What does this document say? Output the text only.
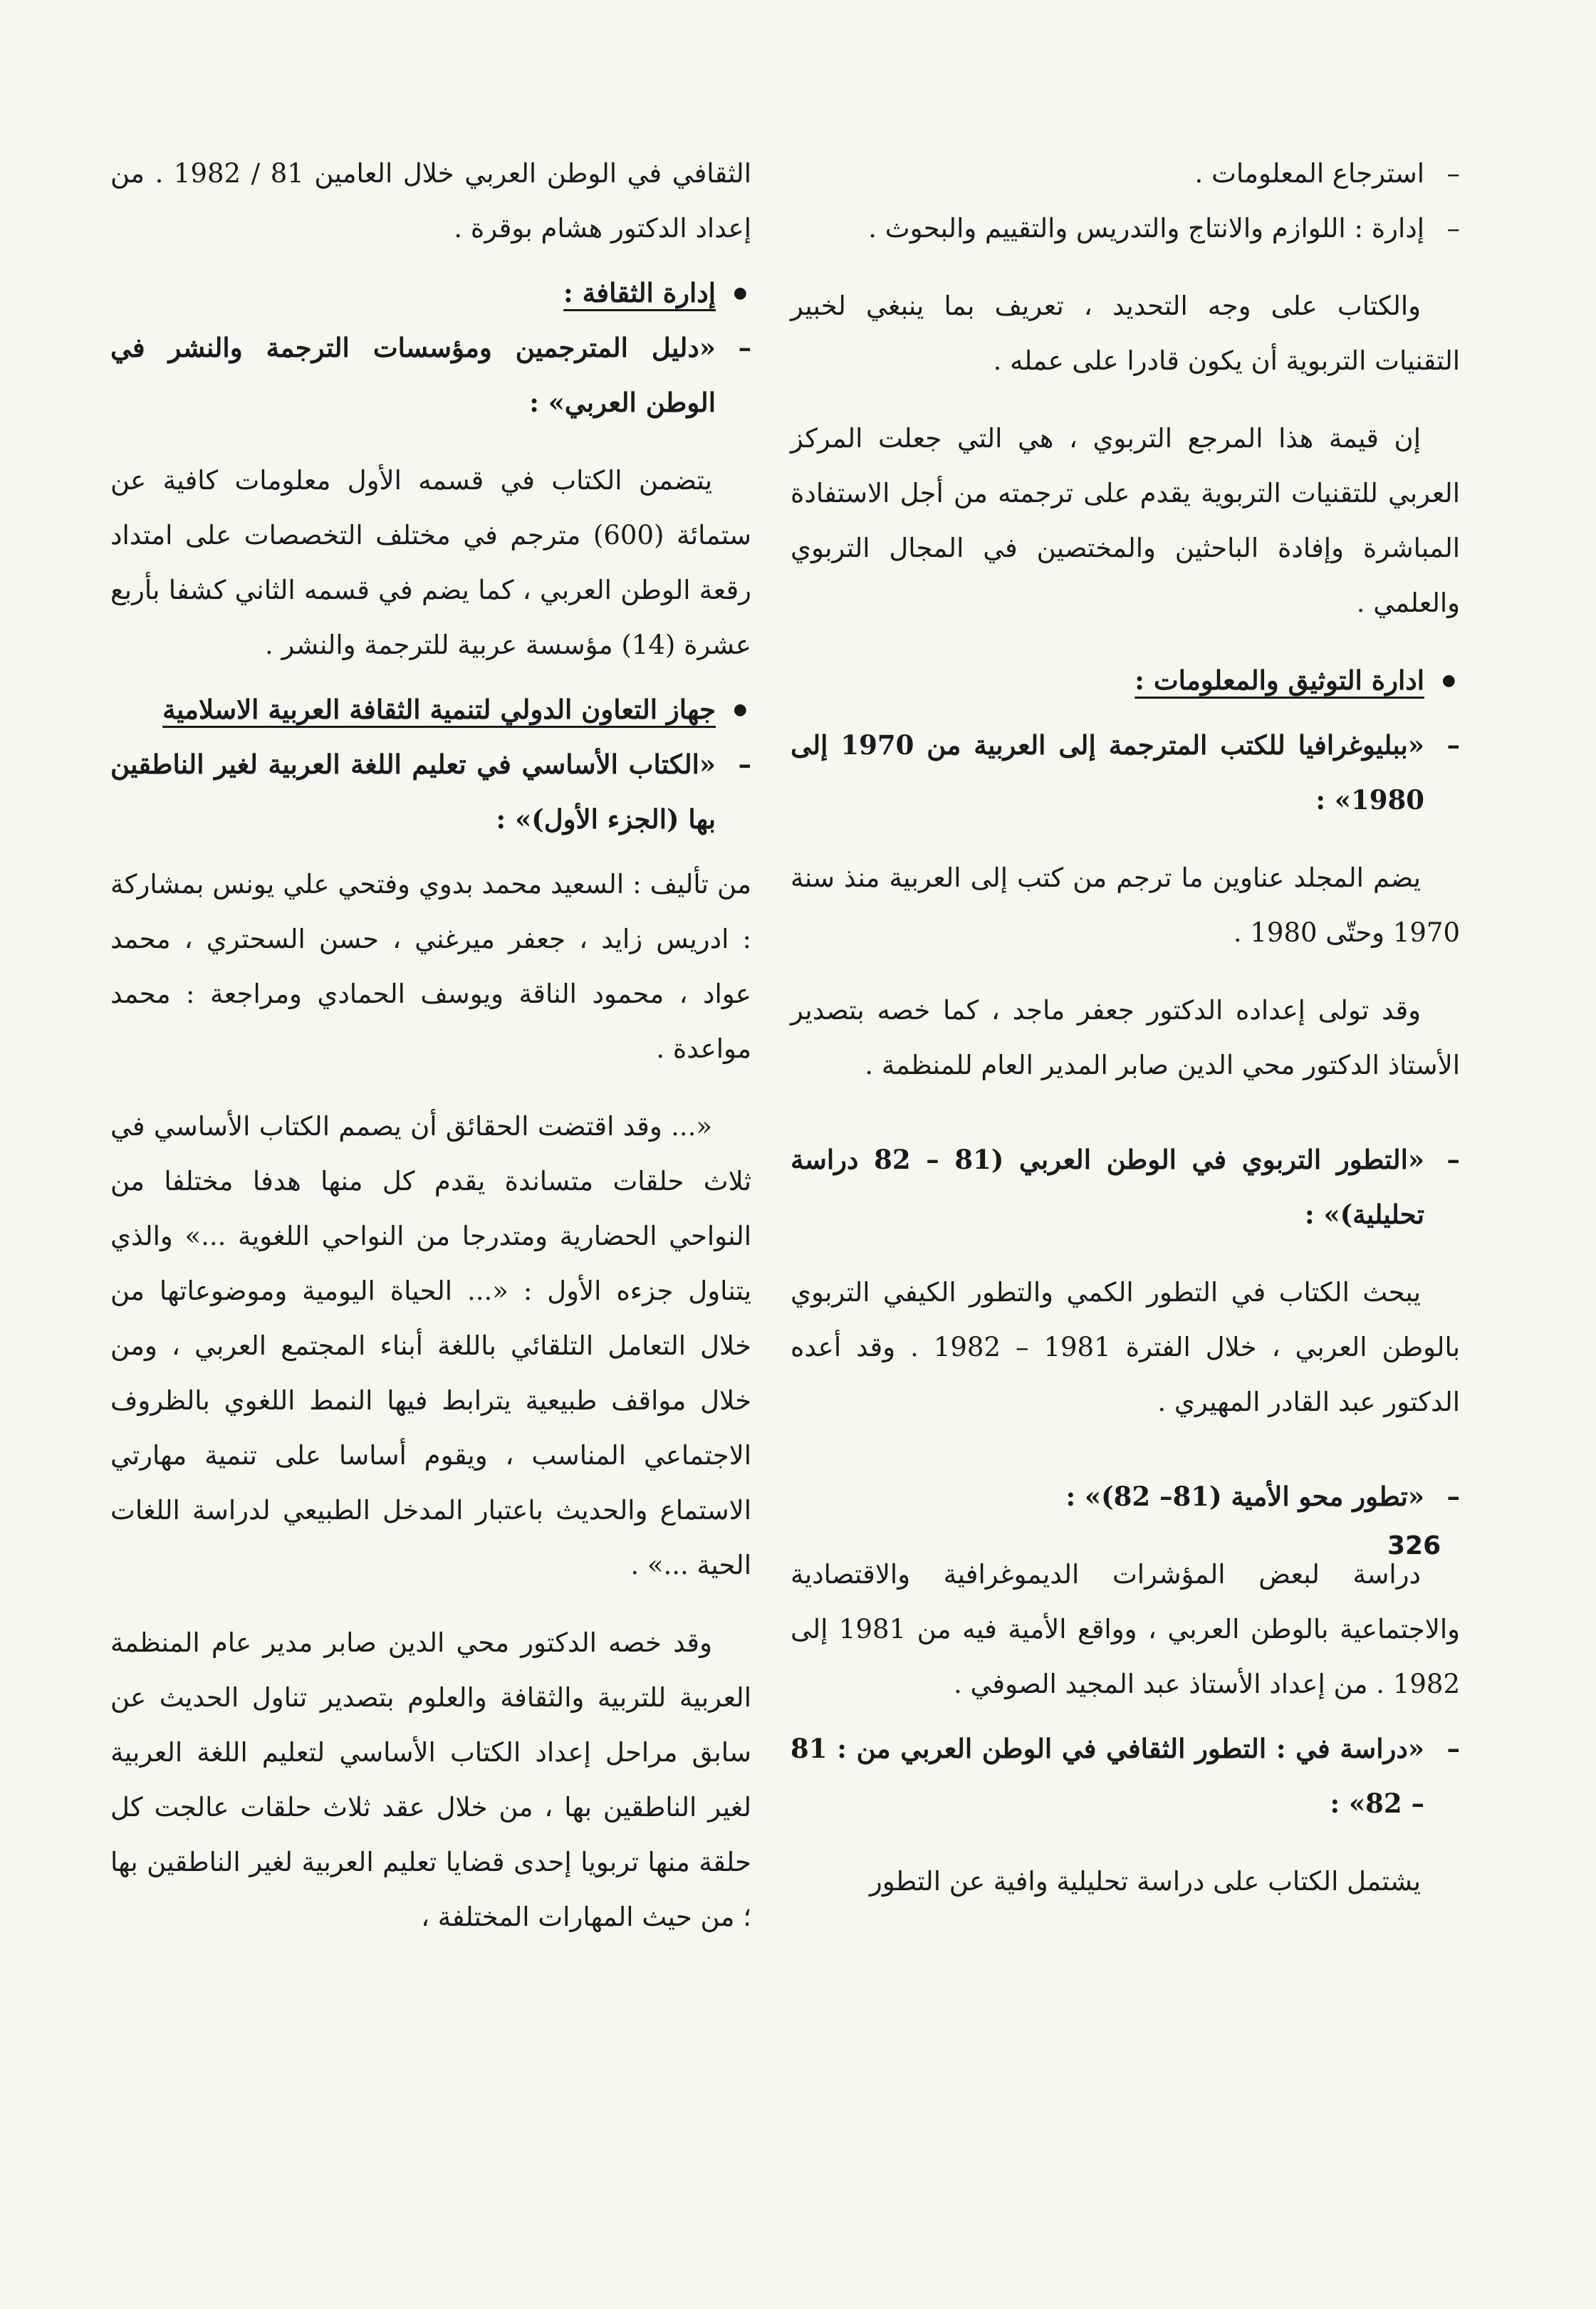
–
استرجاع المعلومات .

–
إدارة : اللوازم والانتاج والتدريس والتقييم والبحوث .

والكتاب على وجه التحديد ، تعريف بما ينبغي لخبير التقنيات التربوية أن يكون قادرا على عمله .

إن قيمة هذا المرجع التربوي ، هي التي جعلت المركز العربي للتقنيات التربوية يقدم على ترجمته من أجل الاستفادة المباشرة وإفادة الباحثين والمختصين في المجال التربوي والعلمي .

●
ادارة التوثيق والمعلومات :

–
«ببليوغرافيا للكتب المترجمة إلى العربية من 1970 إلى 1980» :

يضم المجلد عناوين ما ترجم من كتب إلى العربية منذ سنة 1970 وحتّى 1980 .

وقد تولى إعداده الدكتور جعفر ماجد ، كما خصه بتصدير الأستاذ الدكتور محي الدين صابر المدير العام للمنظمة .

–
«التطور التربوي في الوطن العربي (81 – 82 دراسة تحليلية)» :

يبحث الكتاب في التطور الكمي والتطور الكيفي التربوي بالوطن العربي ، خلال الفترة 1981 – 1982 . وقد أعده الدكتور عبد القادر المهيري .

–
«تطور محو الأمية (81– 82)» :

دراسة لبعض المؤشرات الديموغرافية والاقتصادية والاجتماعية بالوطن العربي ، وواقع الأمية فيه من 1981 إلى 1982 . من إعداد الأستاذ عبد المجيد الصوفي .

–
«دراسة في : التطور الثقافي في الوطن العربي من : 81 – 82» :

يشتمل الكتاب على دراسة تحليلية وافية عن التطور

الثقافي في الوطن العربي خلال العامين 81 / 1982 . من إعداد الدكتور هشام بوقرة .

●
إدارة الثقافة :

–
«دليل المترجمين ومؤسسات الترجمة والنشر في الوطن العربي» :

يتضمن الكتاب في قسمه الأول معلومات كافية عن ستمائة (600) مترجم في مختلف التخصصات على امتداد رقعة الوطن العربي ، كما يضم في قسمه الثاني كشفا بأربع عشرة (14) مؤسسة عربية للترجمة والنشر .

●
جهاز التعاون الدولي لتنمية الثقافة العربية الاسلامية

–
«الكتاب الأساسي في تعليم اللغة العربية لغير الناطقين بها (الجزء الأول)» :

من تأليف : السعيد محمد بدوي وفتحي علي يونس بمشاركة : ادريس زايد ، جعفر ميرغني ، حسن السحتري ، محمد عواد ، محمود الناقة ويوسف الحمادي ومراجعة : محمد مواعدة .

«... وقد اقتضت الحقائق أن يصمم الكتاب الأساسي في ثلاث حلقات متساندة يقدم كل منها هدفا مختلفا من النواحي الحضارية ومتدرجا من النواحي اللغوية ...» والذي يتناول جزءه الأول : «... الحياة اليومية وموضوعاتها من خلال التعامل التلقائي باللغة أبناء المجتمع العربي ، ومن خلال مواقف طبيعية يترابط فيها النمط اللغوي بالظروف الاجتماعي المناسب ، ويقوم أساسا على تنمية مهارتي الاستماع والحديث باعتبار المدخل الطبيعي لدراسة اللغات الحية ...» .

وقد خصه الدكتور محي الدين صابر مدير عام المنظمة العربية للتربية والثقافة والعلوم بتصدير تناول الحديث عن سابق مراحل إعداد الكتاب الأساسي لتعليم اللغة العربية لغير الناطقين بها ، من خلال عقد ثلاث حلقات عالجت كل حلقة منها تربويا إحدى قضايا تعليم العربية لغير الناطقين بها ؛ من حيث المهارات المختلفة ،

326
